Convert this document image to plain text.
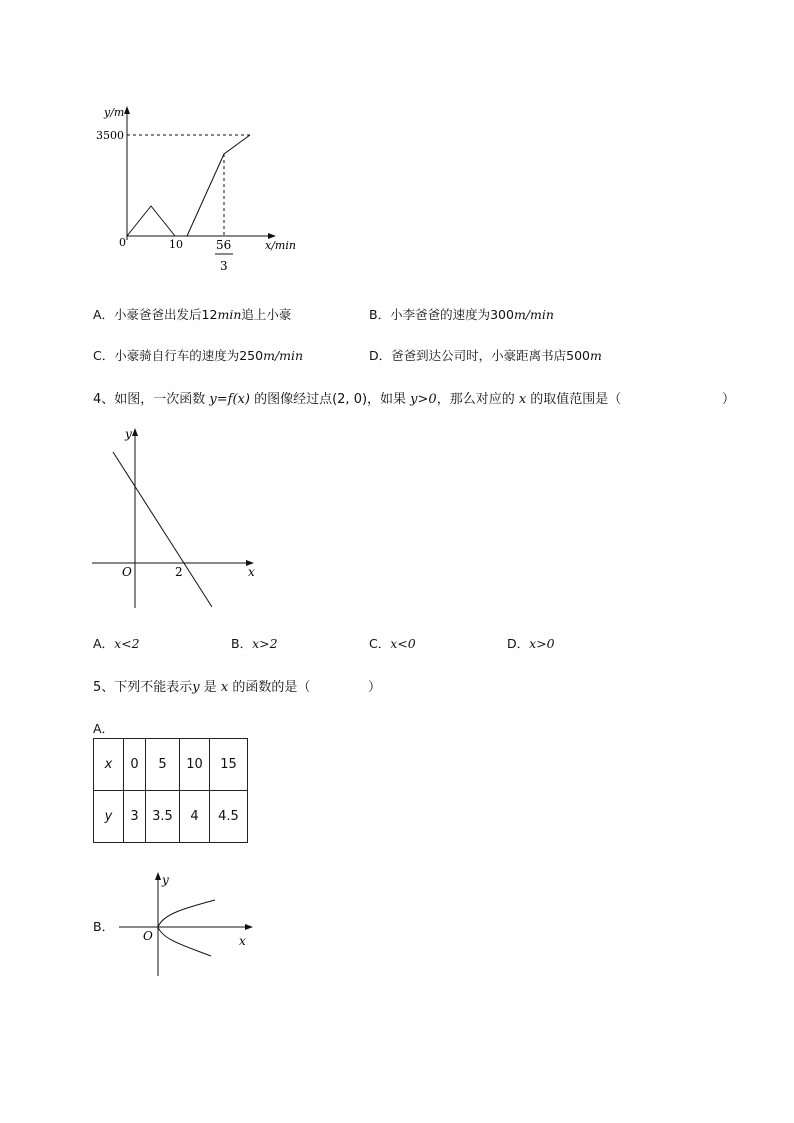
y/m
3500
0	10	56
3
x/min
A．小豪爸爸出发后12min追上小豪	B．小李爸爸的速度为300m/min
C．小豪骑自行车的速度为250m/min	D．爸爸到达公司时，小豪距离书店500m
4、如图，一次函数 y=f(x) 的图像经过点(2, 0)，如果 y>0，那么对应的 x 的取值范围是（	）
y
O	2	x
A．x<2	B．x>2	C．x<0	D．x>0
5、下列不能表示y 是 x 的函数的是（	）
A．
x	0	5	10	15
y	3	3.5	4	4.5
B．
y
O	x
